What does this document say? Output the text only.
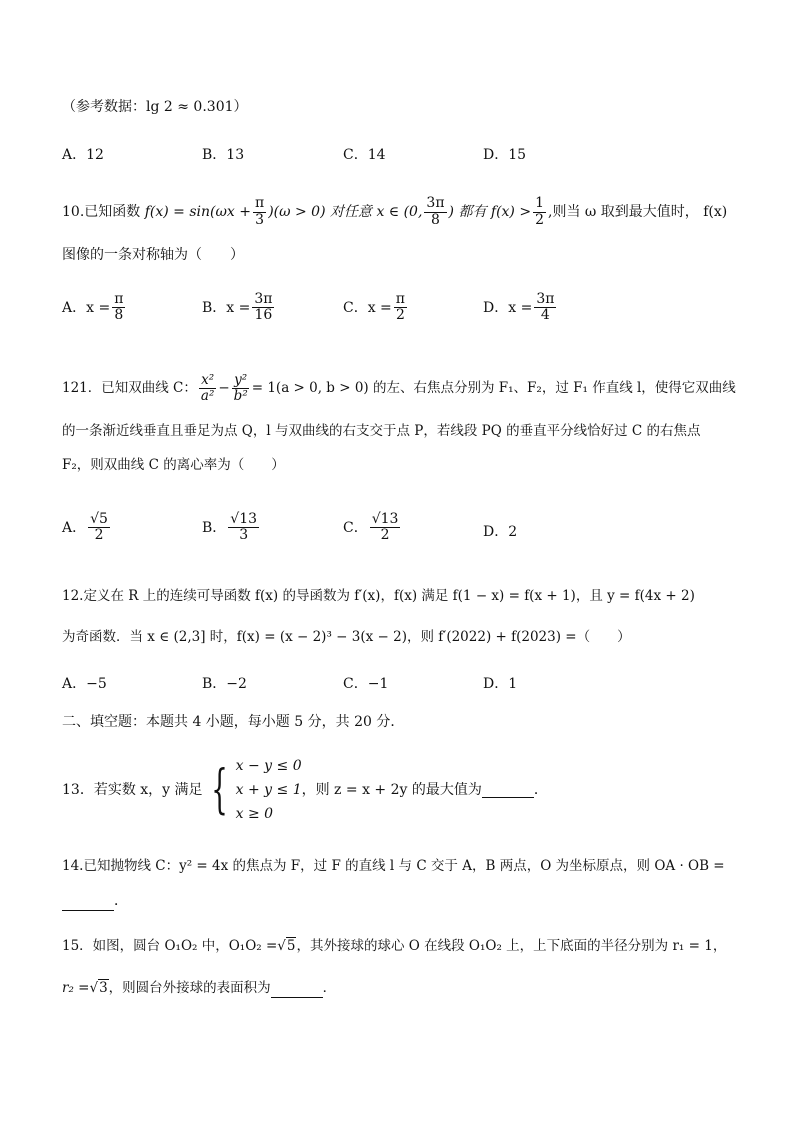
（参考数据：lg 2 ≈ 0.301）
A．12	B．13	C．14	D．15
10.已知函数 $f(x) = \sin(\omega x + \frac{\pi}{3} )(\omega > 0)$ 对任意 x ∈ (0, $\frac{3\pi}{8}$ ) 都有 $f(x) > \frac{1}{2}$ ,则当 ω 取到最大值时， f(x)
图像的一条对称轴为（　　）
A．$x = \frac{\pi}{8}$	B．$x = \frac{3\pi}{16}$	C．$x = \frac{\pi}{2}$	D．$x = \frac{3\pi}{4}$
121．已知双曲线 C： $\frac{\text{x²}}{\text{a²}} - \frac{\text{y²}}{\text{b²}} = 1(a > 0$, b > 0) 的左、右焦点分别为 F₁、F₂，过 F₁ 作直线 l，使得它双曲线
的一条渐近线垂直且垂足为点 Q，l 与双曲线的右支交于点 P，若线段 PQ 的垂直平分线恰好过 C 的右焦点
F₂，则双曲线 C 的离心率为（　　）
A． $\frac{√5}{2}$	B． $\frac{√13}{3}$	C． $\frac{√13}{2}$	D．2
12.定义在 R 上的连续可导函数 f(x) 的导函数为 f′(x)，f(x) 满足 f(1 − x) = f(x + 1)，且 y = f(4x + 2)
为奇函数．当 x ∈ (2,3] 时，f(x) = (x − 2)³ − 3(x − 2)，则 f′(2022) + f(2023) =（　　）
A．−5	B．−2	C．−1	D．1
二、填空题：本题共 4 小题，每小题 5 分，共 20 分．
13．若实数 x，y 满足 { x − y ≤ 0
x + y ≤ 1
x ≥ 0
，则 z = x + 2y 的最大值为	．
14.已知抛物线 C：y² = 4x 的焦点为 F，过 F 的直线 l 与 C 交于 A，B 两点，O 为坐标原点，则 OA · OB =
．
15．如图，圆台 O₁O₂ 中，O₁O₂ =√5，其外接球的球心 O 在线段 O₁O₂ 上，上下底面的半径分别为 r₁ = 1，
r₂ =√3，则圆台外接球的表面积为	．
